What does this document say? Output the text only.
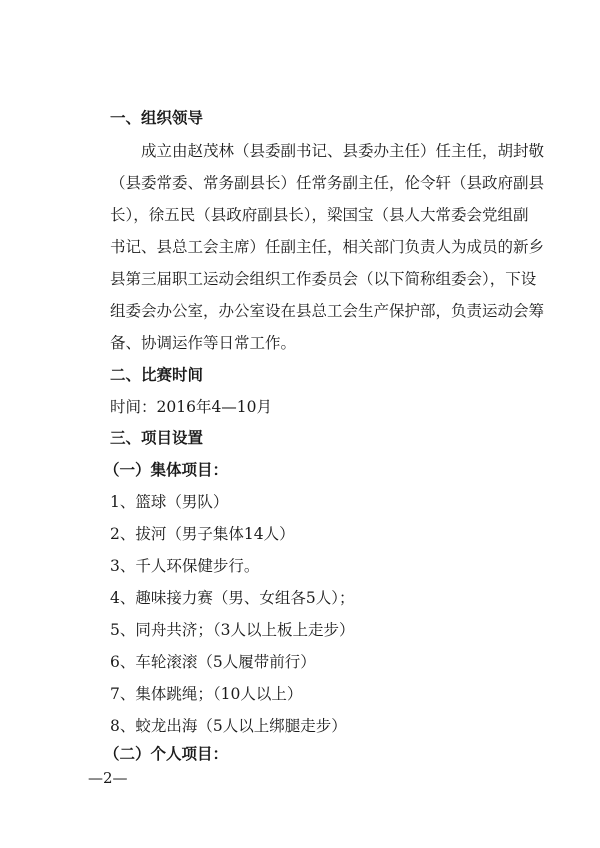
一、组织领导
成立由赵茂林（县委副书记、县委办主任）任主任，胡封敬
（县委常委、常务副县长）任常务副主任，伦令轩（县政府副县
长），徐五民（县政府副县长），梁国宝（县人大常委会党组副
书记、县总工会主席）任副主任，相关部门负责人为成员的新乡
县第三届职工运动会组织工作委员会（以下简称组委会），下设
组委会办公室，办公室设在县总工会生产保护部，负责运动会筹
备、协调运作等日常工作。
二、比赛时间
时间：2016年4—10月
三、项目设置
（一）集体项目：
1、篮球（男队）
2、拔河（男子集体14人）
3、千人环保健步行。
4、趣味接力赛（男、女组各5人）；
5、同舟共济；（3人以上板上走步）
6、车轮滚滚（5人履带前行）
7、集体跳绳；（10人以上）
8、蛟龙出海（5人以上绑腿走步）
（二）个人项目：
—2—
